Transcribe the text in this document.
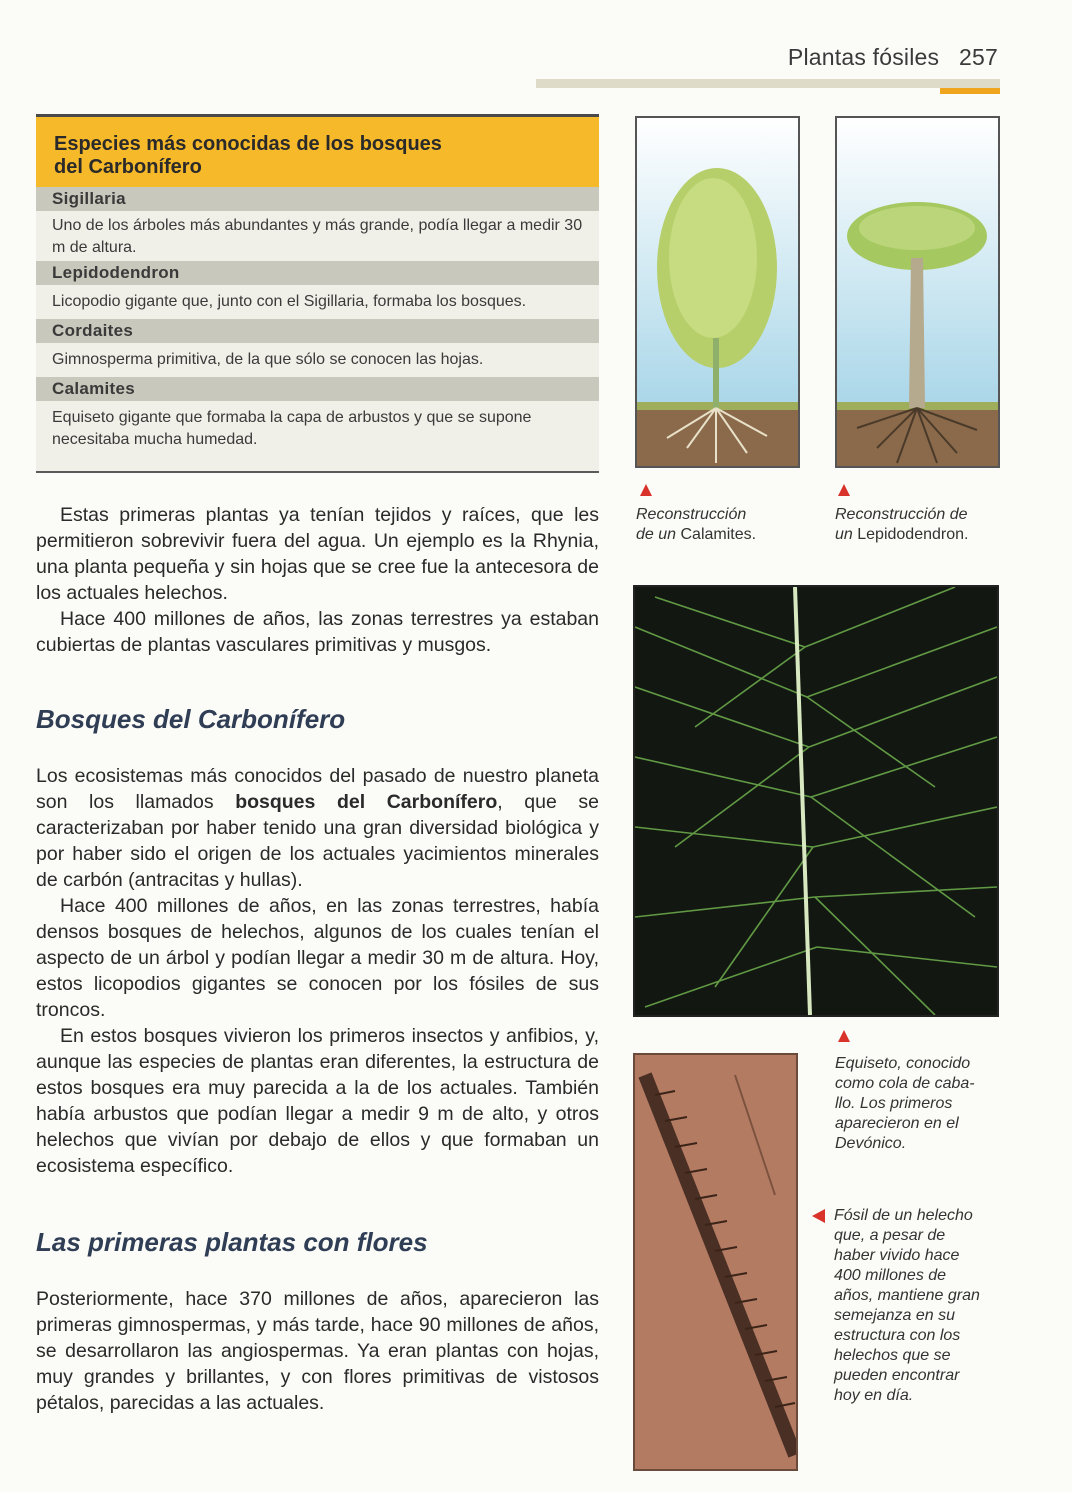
Plantas fósiles 257
Especies más conocidas de los bosques
del Carbonífero
Sigillaria
Uno de los árboles más abundantes y más grande, podía llegar a medir 30 m de altura.
Lepidodendron
Licopodio gigante que, junto con el Sigillaria, formaba los bosques.
Cordaites
Gimnosperma primitiva, de la que sólo se conocen las hojas.
Calamites
Equiseto gigante que formaba la capa de arbustos y que se supone necesitaba mucha humedad.
Reconstrucción
de un Calamites.
Reconstrucción de
un Lepidodendron.
Equiseto, conocido
como cola de caba-
llo. Los primeros
aparecieron en el
Devónico.
Fósil de un helecho
que, a pesar de
haber vivido hace
400 millones de
años, mantiene gran
semejanza en su
estructura con los
helechos que se
pueden encontrar
hoy en día.
Estas primeras plantas ya tenían tejidos y raíces, que les permitieron sobrevivir fuera del agua. Un ejemplo es la Rhynia, una planta pequeña y sin hojas que se cree fue la antecesora de los actuales helechos.
Hace 400 millones de años, las zonas terrestres ya estaban cubiertas de plantas vasculares primitivas y musgos.
Bosques del Carbonífero
Los ecosistemas más conocidos del pasado de nuestro planeta son los llamados bosques del Carbonífero, que se caracterizaban por haber tenido una gran diversidad biológica y por haber sido el origen de los actuales yacimientos minerales de carbón (antracitas y hullas).
Hace 400 millones de años, en las zonas terrestres, había densos bosques de helechos, algunos de los cuales tenían el aspecto de un árbol y podían llegar a medir 30 m de altura. Hoy, estos licopodios gigantes se conocen por los fósiles de sus troncos.
En estos bosques vivieron los primeros insectos y anfibios, y, aunque las especies de plantas eran diferentes, la estructura de estos bosques era muy parecida a la de los actuales. También había arbustos que podían llegar a medir 9 m de alto, y otros helechos que vivían por debajo de ellos y que formaban un ecosistema específico.
Las primeras plantas con flores
Posteriormente, hace 370 millones de años, aparecieron las primeras gimnospermas, y más tarde, hace 90 millones de años, se desarrollaron las angiospermas. Ya eran plantas con hojas, muy grandes y brillantes, y con flores primitivas de vistosos pétalos, parecidas a las actuales.
